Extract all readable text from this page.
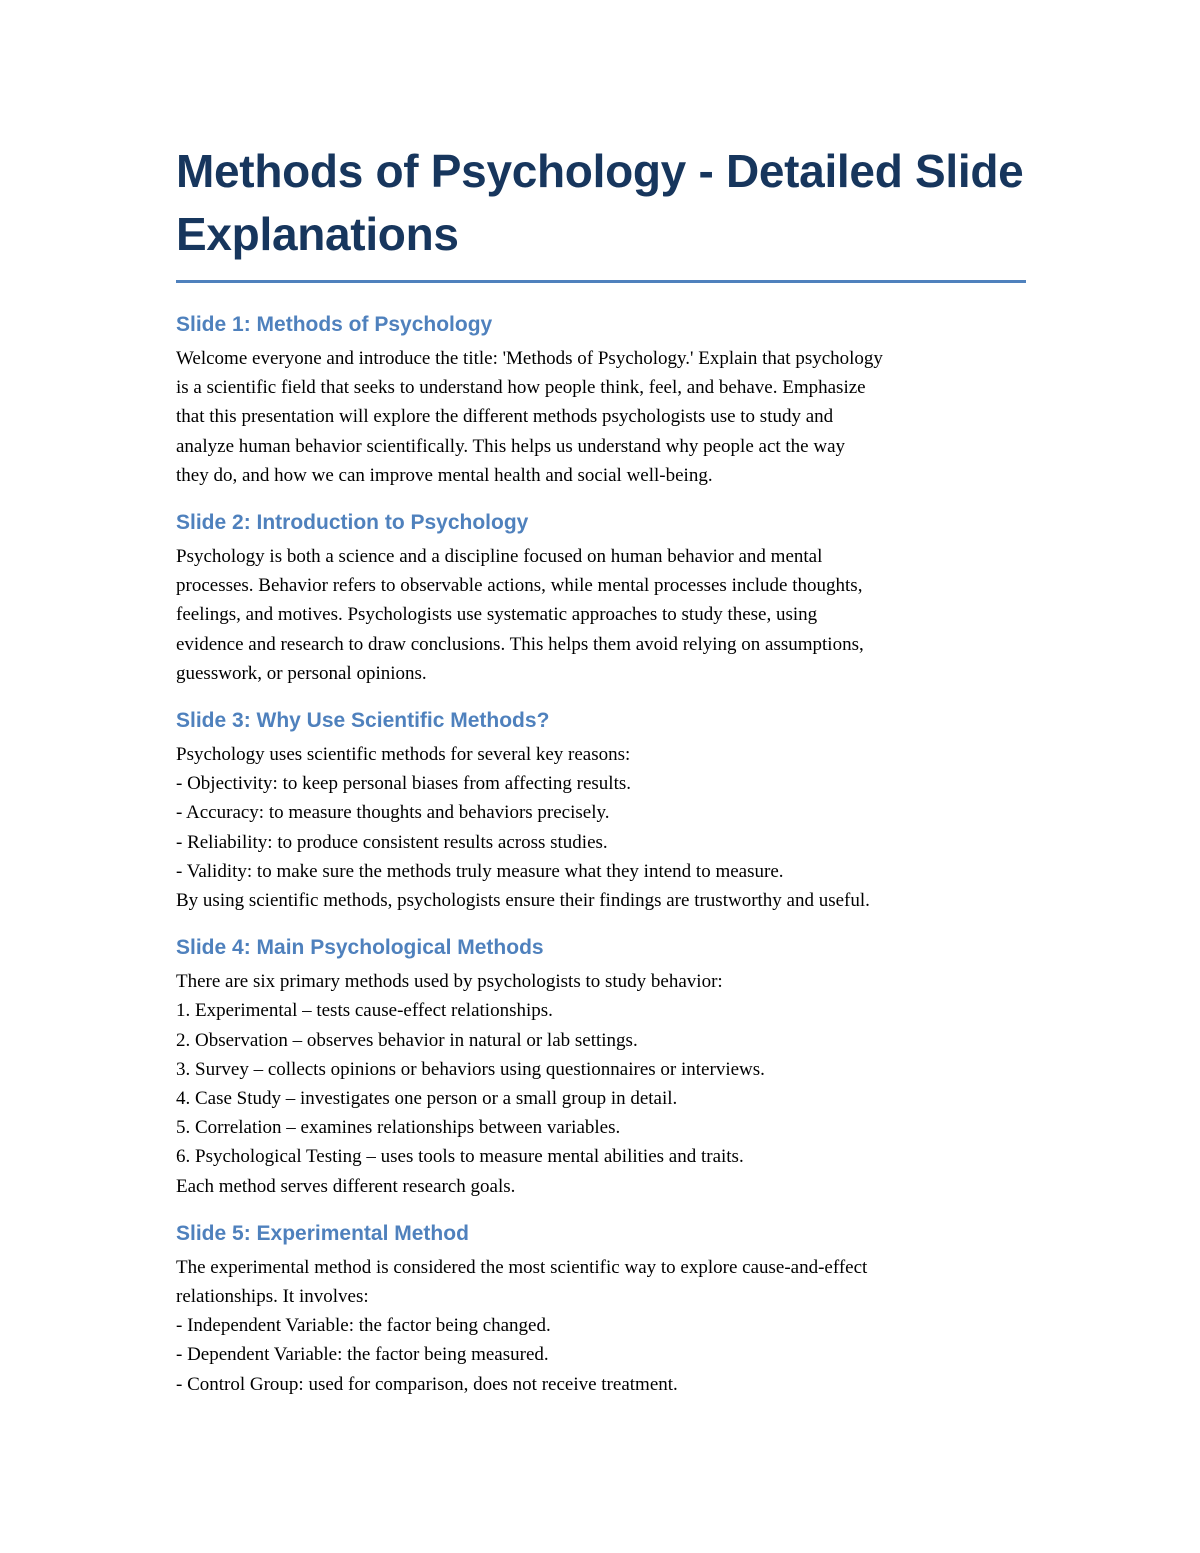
Methods of Psychology - Detailed Slide Explanations
Slide 1: Methods of Psychology
Welcome everyone and introduce the title: 'Methods of Psychology.' Explain that psychology
is a scientific field that seeks to understand how people think, feel, and behave. Emphasize
that this presentation will explore the different methods psychologists use to study and
analyze human behavior scientifically. This helps us understand why people act the way
they do, and how we can improve mental health and social well-being.
Slide 2: Introduction to Psychology
Psychology is both a science and a discipline focused on human behavior and mental
processes. Behavior refers to observable actions, while mental processes include thoughts,
feelings, and motives. Psychologists use systematic approaches to study these, using
evidence and research to draw conclusions. This helps them avoid relying on assumptions,
guesswork, or personal opinions.
Slide 3: Why Use Scientific Methods?
Psychology uses scientific methods for several key reasons:
- Objectivity: to keep personal biases from affecting results.
- Accuracy: to measure thoughts and behaviors precisely.
- Reliability: to produce consistent results across studies.
- Validity: to make sure the methods truly measure what they intend to measure.
By using scientific methods, psychologists ensure their findings are trustworthy and useful.
Slide 4: Main Psychological Methods
There are six primary methods used by psychologists to study behavior:
1. Experimental – tests cause-effect relationships.
2. Observation – observes behavior in natural or lab settings.
3. Survey – collects opinions or behaviors using questionnaires or interviews.
4. Case Study – investigates one person or a small group in detail.
5. Correlation – examines relationships between variables.
6. Psychological Testing – uses tools to measure mental abilities and traits.
Each method serves different research goals.
Slide 5: Experimental Method
The experimental method is considered the most scientific way to explore cause-and-effect
relationships. It involves:
- Independent Variable: the factor being changed.
- Dependent Variable: the factor being measured.
- Control Group: used for comparison, does not receive treatment.
